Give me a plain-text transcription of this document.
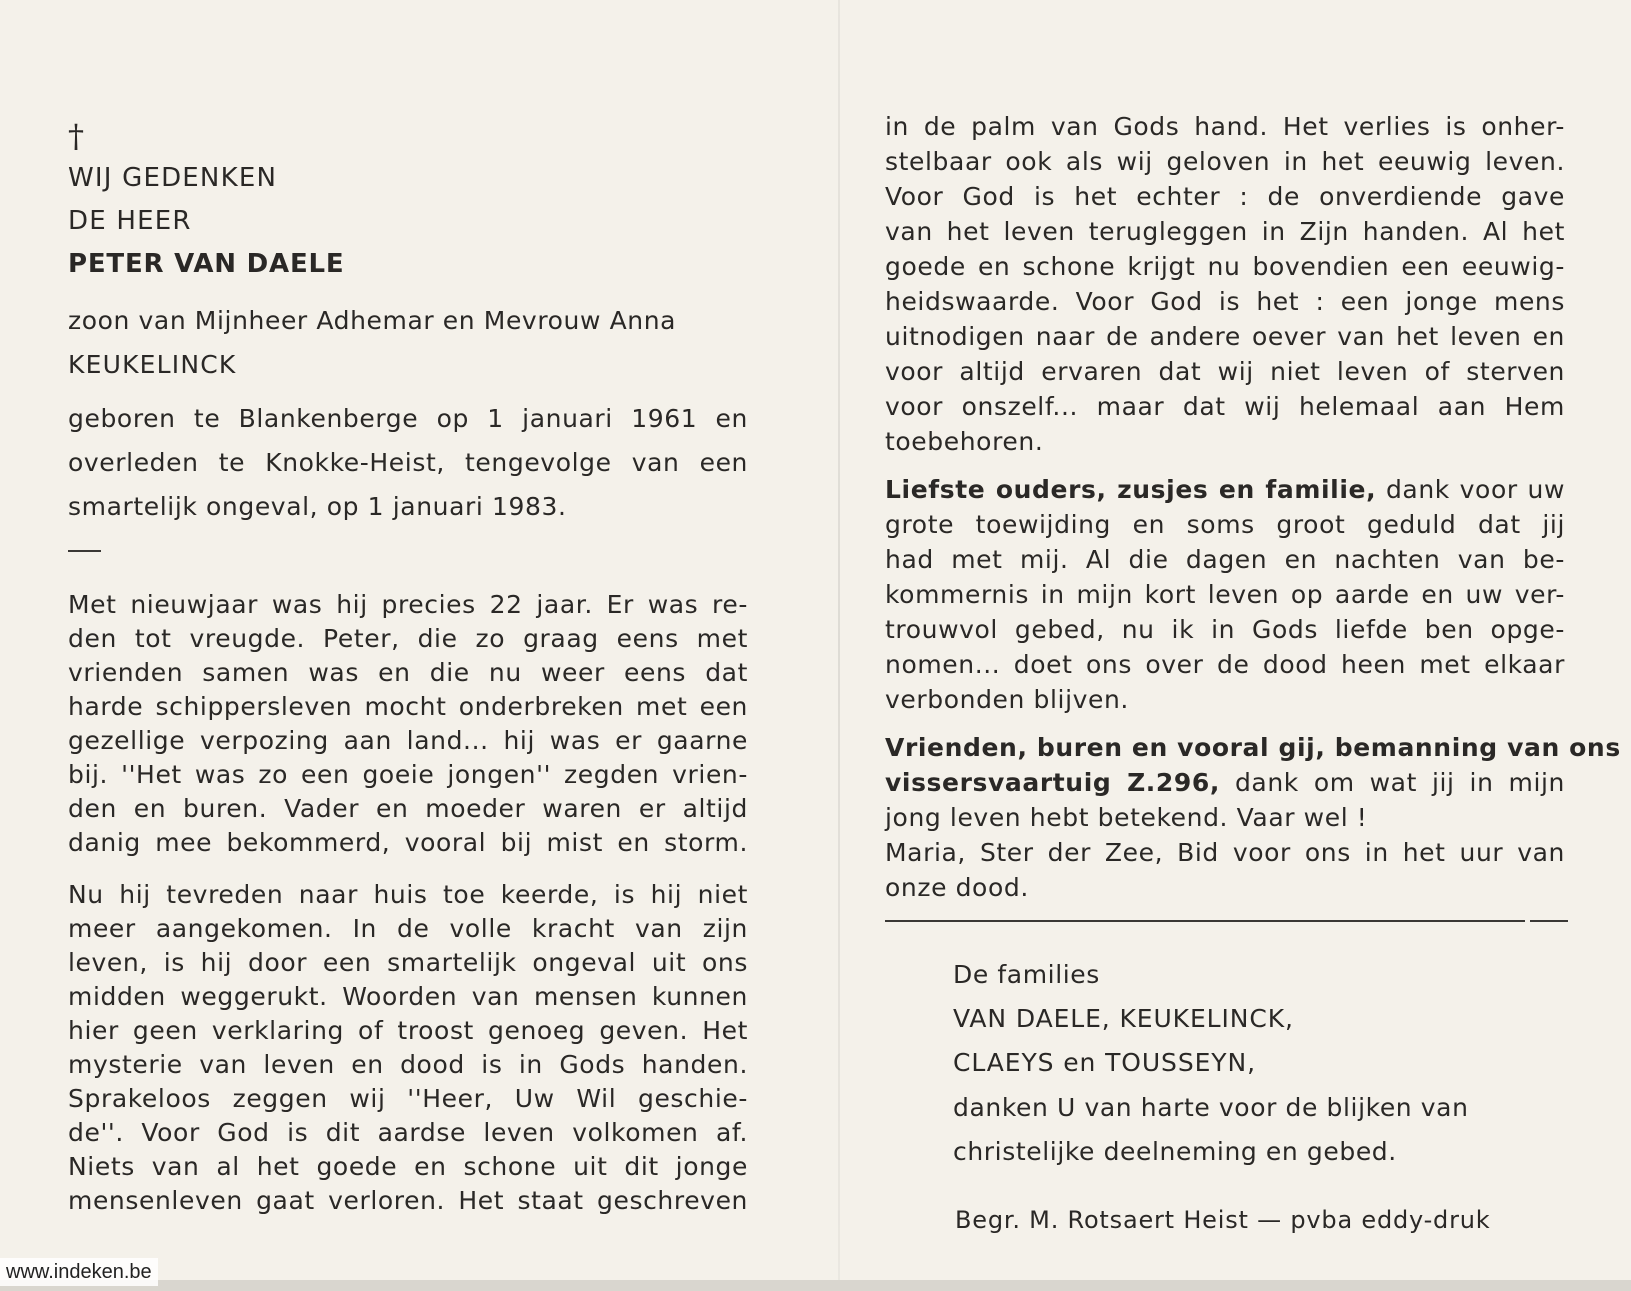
†
WIJ GEDENKEN
DE HEER
PETER VAN DAELE
zoon van Mijnheer Adhemar en Mevrouw Anna
KEUKELINCK
geboren te Blankenberge op 1 januari 1961 en
overleden te Knokke-Heist, tengevolge van een
smartelijk ongeval, op 1 januari 1983.
Met nieuwjaar was hij precies 22 jaar. Er was re-
den tot vreugde. Peter, die zo graag eens met
vrienden samen was en die nu weer eens dat
harde schippersleven mocht onderbreken met een
gezellige verpozing aan land... hij was er gaarne
bij. ''Het was zo een goeie jongen'' zegden vrien-
den en buren. Vader en moeder waren er altijd
danig mee bekommerd, vooral bij mist en storm.
Nu hij tevreden naar huis toe keerde, is hij niet
meer aangekomen. In de volle kracht van zijn
leven, is hij door een smartelijk ongeval uit ons
midden weggerukt. Woorden van mensen kunnen
hier geen verklaring of troost genoeg geven. Het
mysterie van leven en dood is in Gods handen.
Sprakeloos zeggen wij ''Heer, Uw Wil geschie-
de''. Voor God is dit aardse leven volkomen af.
Niets van al het goede en schone uit dit jonge
mensenleven gaat verloren. Het staat geschreven
in de palm van Gods hand. Het verlies is onher-
stelbaar ook als wij geloven in het eeuwig leven.
Voor God is het echter : de onverdiende gave
van het leven terugleggen in Zijn handen. Al het
goede en schone krijgt nu bovendien een eeuwig-
heidswaarde. Voor God is het : een jonge mens
uitnodigen naar de andere oever van het leven en
voor altijd ervaren dat wij niet leven of sterven
voor onszelf... maar dat wij helemaal aan Hem
toebehoren.
Liefste ouders, zusjes en familie, dank voor uw
grote toewijding en soms groot geduld dat jij
had met mij. Al die dagen en nachten van be-
kommernis in mijn kort leven op aarde en uw ver-
trouwvol gebed, nu ik in Gods liefde ben opge-
nomen... doet ons over de dood heen met elkaar
verbonden blijven.
Vrienden, buren en vooral gij, bemanning van ons
vissersvaartuig Z.296, dank om wat jij in mijn
jong leven hebt betekend. Vaar wel !
Maria, Ster der Zee, Bid voor ons in het uur van
onze dood.
De families
VAN DAELE, KEUKELINCK,
CLAEYS en TOUSSEYN,
danken U van harte voor de blijken van
christelijke deelneming en gebed.
Begr. M. Rotsaert Heist — pvba eddy-druk
www.indeken.be
